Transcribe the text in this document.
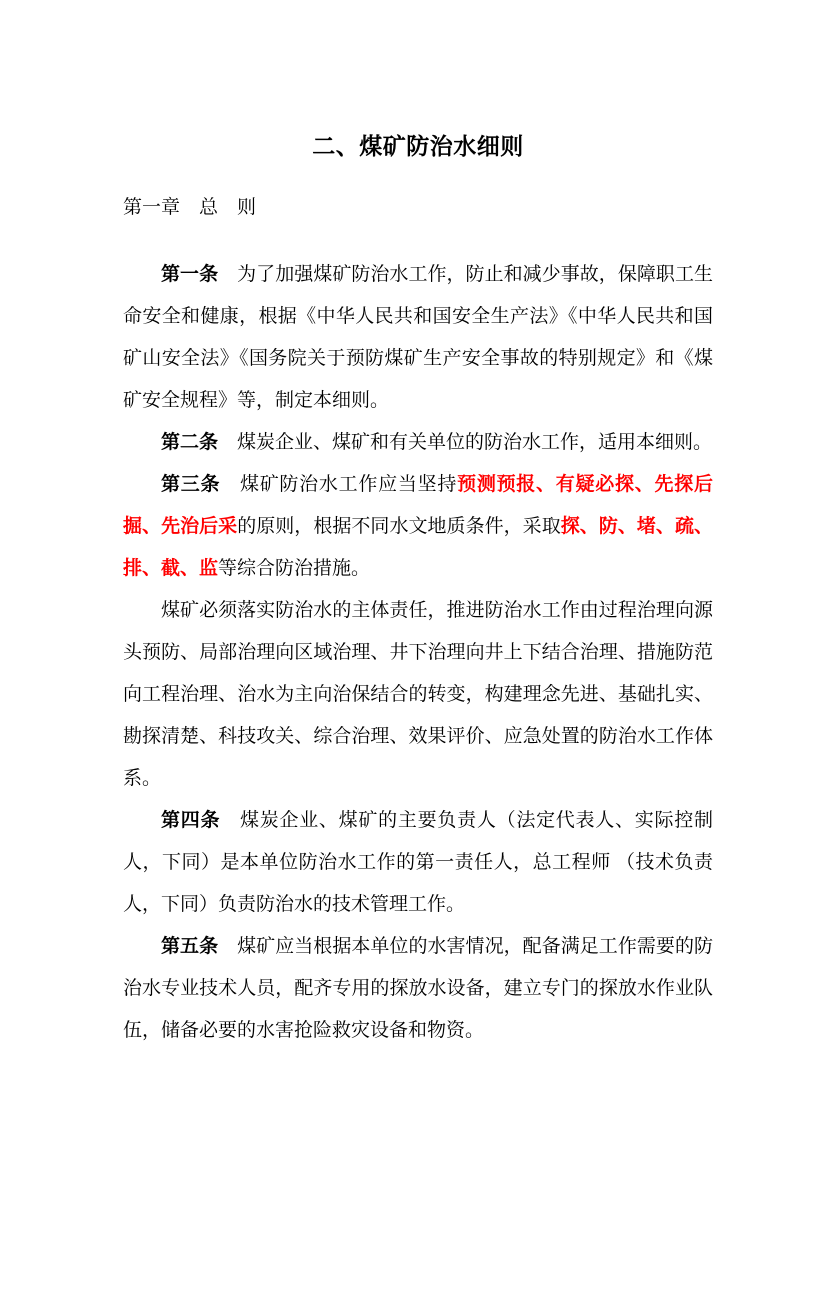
二、煤矿防治水细则
第一章　总　则

第一条　为了加强煤矿防治水工作，防止和减少事故，保障职工生命安全和健康，根据《中华人民共和国安全生产法》《中华人民共和国矿山安全法》《国务院关于预防煤矿生产安全事故的特别规定》和《煤矿安全规程》等，制定本细则。

第二条　煤炭企业、煤矿和有关单位的防治水工作，适用本细则。

第三条　煤矿防治水工作应当坚持预测预报、有疑必探、先探后掘、先治后采的原则，根据不同水文地质条件，采取探、防、堵、疏、排、截、监等综合防治措施。

煤矿必须落实防治水的主体责任，推进防治水工作由过程治理向源头预防、局部治理向区域治理、井下治理向井上下结合治理、措施防范向工程治理、治水为主向治保结合的转变，构建理念先进、基础扎实、勘探清楚、科技攻关、综合治理、效果评价、应急处置的防治水工作体系。

第四条　煤炭企业、煤矿的主要负责人（法定代表人、实际控制人，下同）是本单位防治水工作的第一责任人，总工程师 （技术负责人，下同）负责防治水的技术管理工作。

第五条　煤矿应当根据本单位的水害情况，配备满足工作需要的防治水专业技术人员，配齐专用的探放水设备，建立专门的探放水作业队伍，储备必要的水害抢险救灾设备和物资。
